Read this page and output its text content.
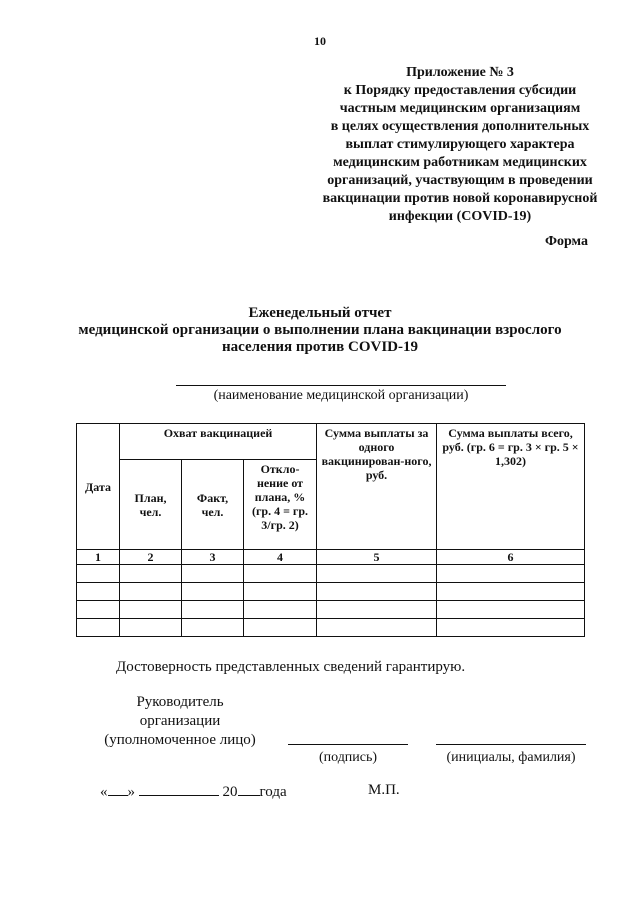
10
Приложение № 3
к Порядку предоставления субсидии
частным медицинским организациям
в целях осуществления дополнительных
выплат стимулирующего характера
медицинским работникам медицинских
организаций, участвующим в проведении
вакцинации против новой коронавирусной
инфекции (COVID-19)
Форма
Еженедельный отчет
медицинской организации о выполнении плана вакцинации взрослого
населения против COVID-19
(наименование медицинской организации)
Дата	Охват вакцинацией			Сумма выплаты за одного вакцинирован-ного, руб.	Сумма выплаты всего, руб. (гр. 6 = гр. 3 × гр. 5 × 1,302)
	План, чел.	Факт, чел.	Откло-нение от плана, % (гр. 4 = гр. 3/гр. 2)		
1	2	3	4	5	6

Достоверность представленных сведений гарантирую.
Руководитель
организации
(уполномоченное лицо)
(подпись)	(инициалы, фамилия)
« »	20 года	М.П.
